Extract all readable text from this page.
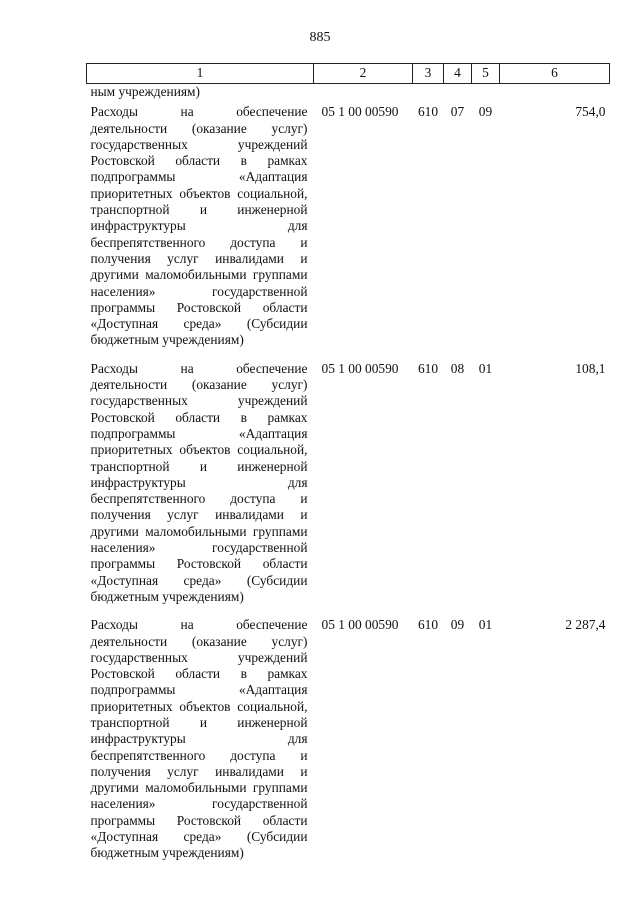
885
1	2	3	4	5	6
ным учреждениям)					
Расходы на обеспечение деятельности (оказание услуг) государственных учреждений Ростовской области в рамках подпрограммы «Адаптация приоритетных объектов социальной, транспортной и инженерной инфраструктуры для беспрепятственного доступа и получения услуг инвалидами и другими маломобильными группами населения» государственной программы Ростовской области «Доступная среда» (Субсидии бюджетным учреждениям)	05 1 00 00590	610	07	09	754,0
Расходы на обеспечение деятельности (оказание услуг) государственных учреждений Ростовской области в рамках подпрограммы «Адаптация приоритетных объектов социальной, транспортной и инженерной инфраструктуры для беспрепятственного доступа и получения услуг инвалидами и другими маломобильными группами населения» государственной программы Ростовской области «Доступная среда» (Субсидии бюджетным учреждениям)	05 1 00 00590	610	08	01	108,1
Расходы на обеспечение деятельности (оказание услуг) государственных учреждений Ростовской области в рамках подпрограммы «Адаптация приоритетных объектов социальной, транспортной и инженерной инфраструктуры для беспрепятственного доступа и получения услуг инвалидами и другими маломобильными группами населения» государственной программы Ростовской области «Доступная среда» (Субсидии бюджетным учреждениям)	05 1 00 00590	610	09	01	2 287,4
